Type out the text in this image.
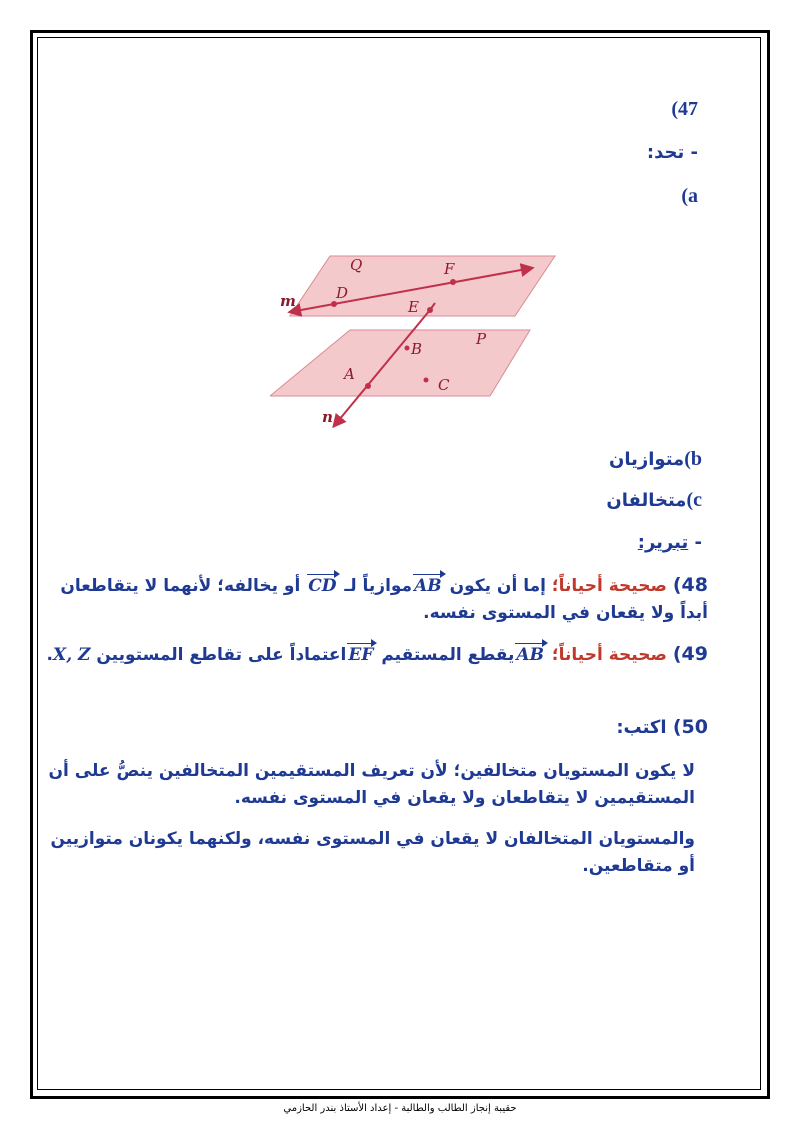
(47
- تحد:
(a
Q
P
m
n
D
F
E
B
A
C
b)متوازيان
c)متخالفان
- تبرير:
48) صحيحة أحياناً؛ إما أن يكون ABموازياً لـ CD أو يخالفه؛ لأنهما لا يتقاطعان
أبداً ولا يقعان في المستوى نفسه.
49) صحيحة أحياناً؛ ABيقطع المستقيم EFاعتماداً على تقاطع المستويين X, Z.
50) اكتب:
لا يكون المستويان متخالفين؛ لأن تعريف المستقيمين المتخالفين ينصُّ على أن
المستقيمين لا يتقاطعان ولا يقعان في المستوى نفسه.
والمستويان المتخالفان لا يقعان في المستوى نفسه، ولكنهما يكونان متوازيين
أو متقاطعين.
حقيبة إنجاز الطالب والطالبة - إعداد الأستاذ بندر الحازمي
